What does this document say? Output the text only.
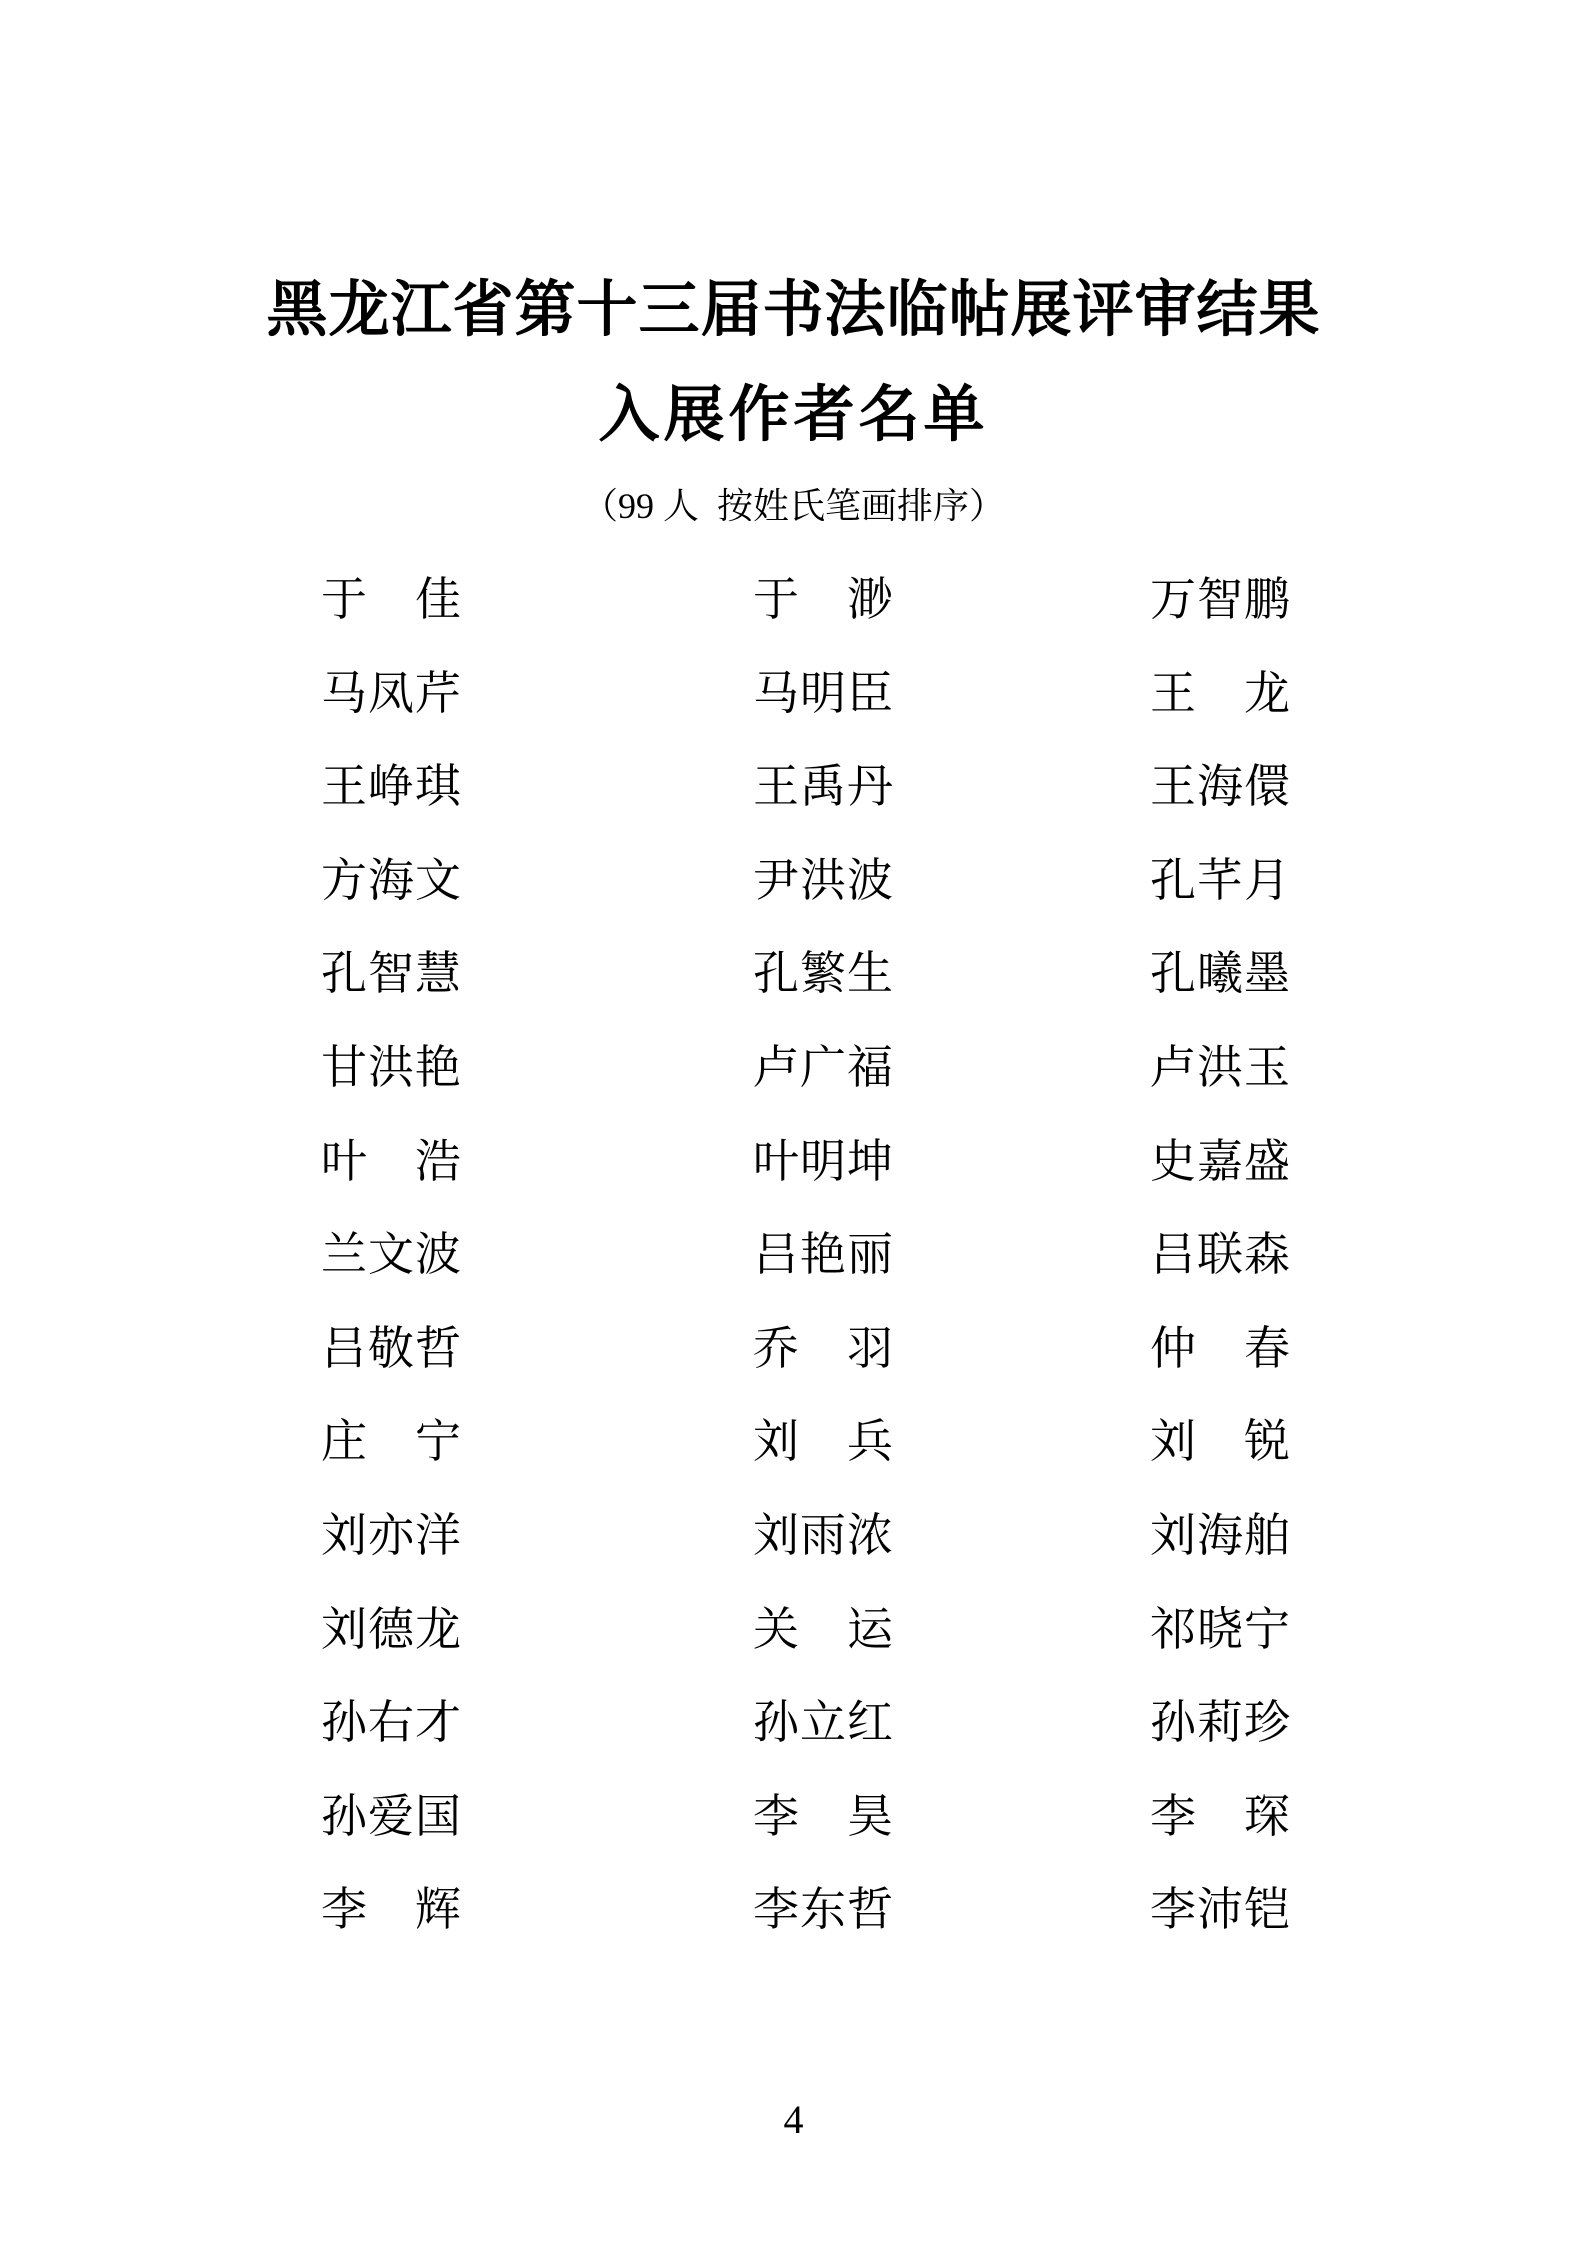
黑龙江省第十三届书法临帖展评审结果
入展作者名单
（99 人  按姓氏笔画排序）
于　佳	于　渺	万智鹏
马凤芹	马明臣	王　龙
王峥琪	王禹丹	王海儇
方海文	尹洪波	孔芊月
孔智慧	孔繁生	孔曦墨
甘洪艳	卢广福	卢洪玉
叶　浩	叶明坤	史嘉盛
兰文波	吕艳丽	吕联森
吕敬哲	乔　羽	仲　春
庄　宁	刘　兵	刘　锐
刘亦洋	刘雨浓	刘海舶
刘德龙	关　运	祁晓宁
孙右才	孙立红	孙莉珍
孙爱国	李　昊	李　琛
李　辉	李东哲	李沛铠
4
